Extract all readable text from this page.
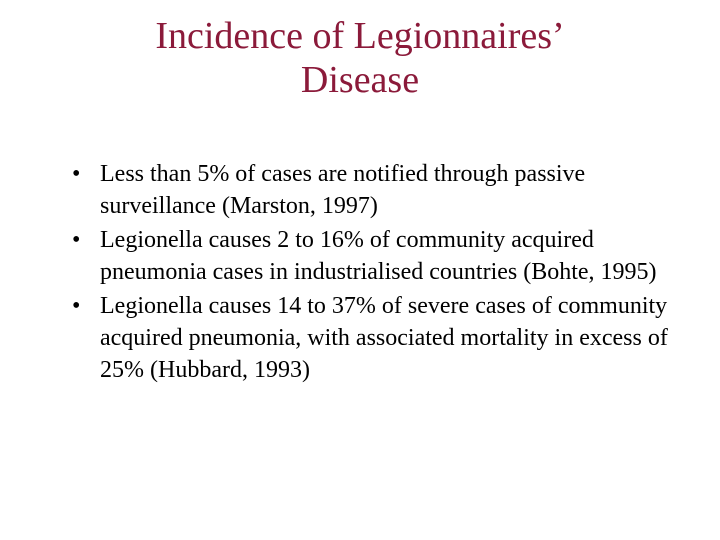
Incidence of Legionnaires’
Disease
• Less than 5% of cases are notified through passive surveillance (Marston, 1997)
• Legionella causes 2 to 16% of community acquired pneumonia cases in industrialised countries (Bohte, 1995)
• Legionella causes 14 to 37% of severe cases of community acquired pneumonia, with associated mortality in excess of 25% (Hubbard, 1993)
